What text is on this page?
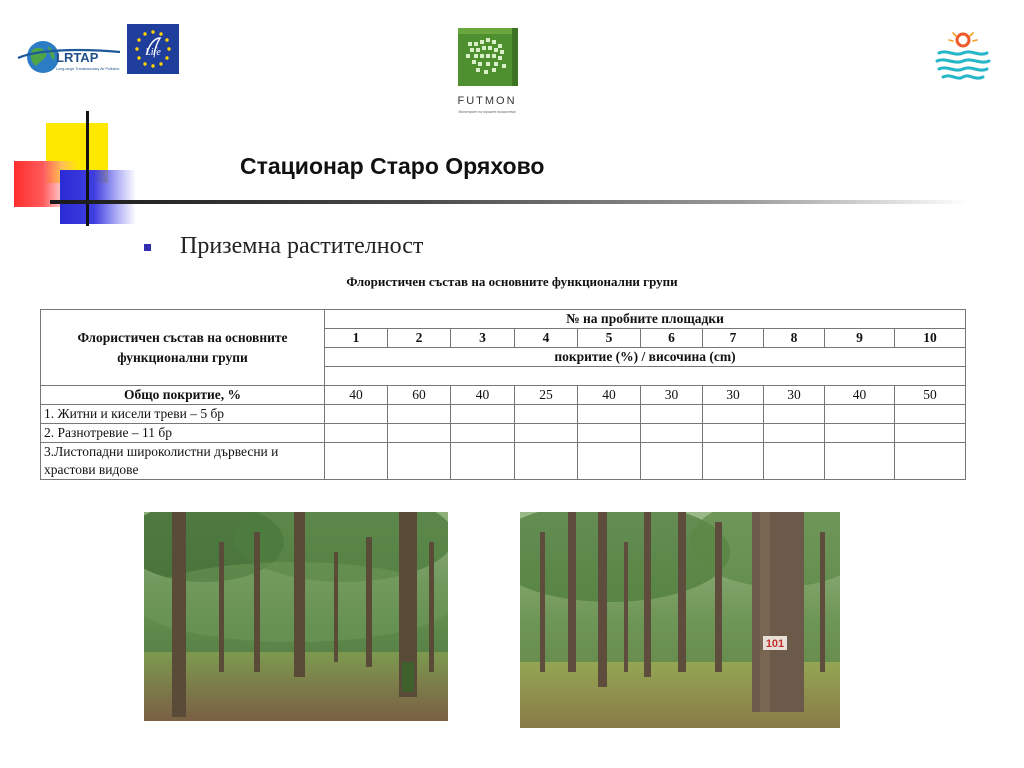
LRTAP
Long-range Transboundary Air Pollution
Life
FUTMON
Мониторинг на горските екосистеми
Стационар Старо Оряхово
Приземна растителност
Флористичен състав на основните функционални групи
Флористичен състав на основните функционални групи	№ на пробните площадки									
	1	2	3	4	5	6	7	8	9	10
	покритие (%) / височина (cm)									

Общо покритие, %	40	60	40	25	40	30	30	30	40	50
1. Житни и кисели треви – 5 бр										
2. Разнотревие – 11 бр										
3.Листопадни широколистни дървесни и храстови видове										
101
